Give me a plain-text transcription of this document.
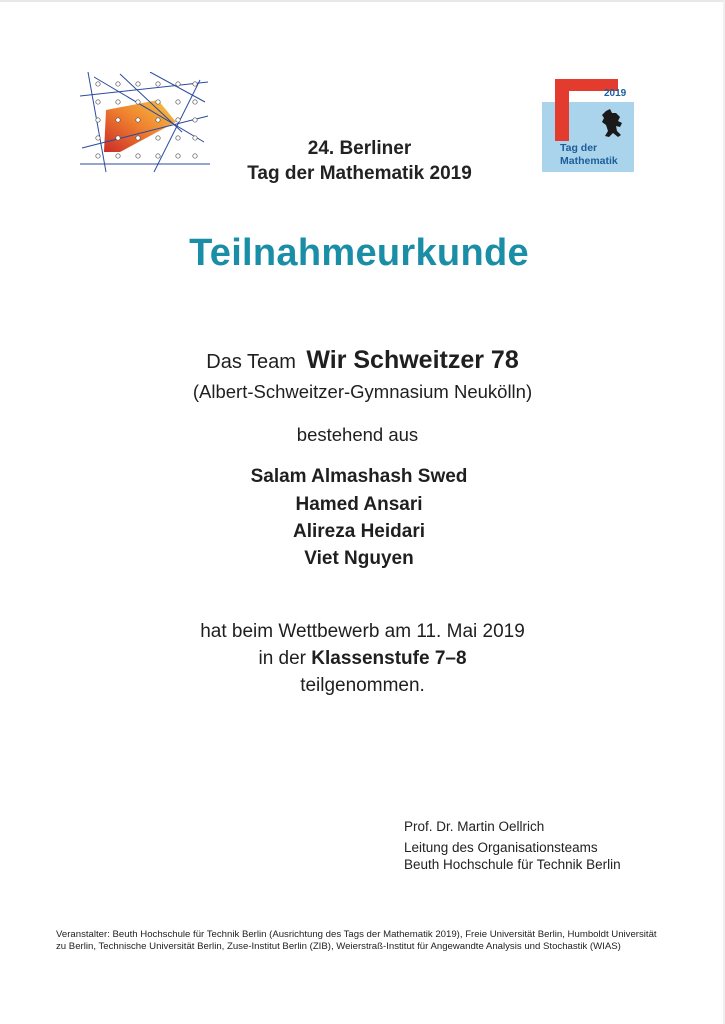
2019
Tag der
Mathematik
24. Berliner
Tag der Mathematik 2019
Teilnahmeurkunde
Das Team Wir Schweitzer 78
(Albert-Schweitzer-Gymnasium Neukölln)
bestehend aus
Salam Almashash Swed
Hamed Ansari
Alireza Heidari
Viet Nguyen
hat beim Wettbewerb am 11. Mai 2019
in der Klassenstufe 7–8
teilgenommen.
Prof. Dr. Martin Oellrich
Leitung des Organisationsteams
Beuth Hochschule für Technik Berlin
Veranstalter: Beuth Hochschule für Technik Berlin (Ausrichtung des Tags der Mathematik 2019), Freie Universität Berlin, Humboldt Universität zu Berlin, Technische Universität Berlin, Zuse-Institut Berlin (ZIB), Weierstraß-Institut für Angewandte Analysis und Stochastik (WIAS)
